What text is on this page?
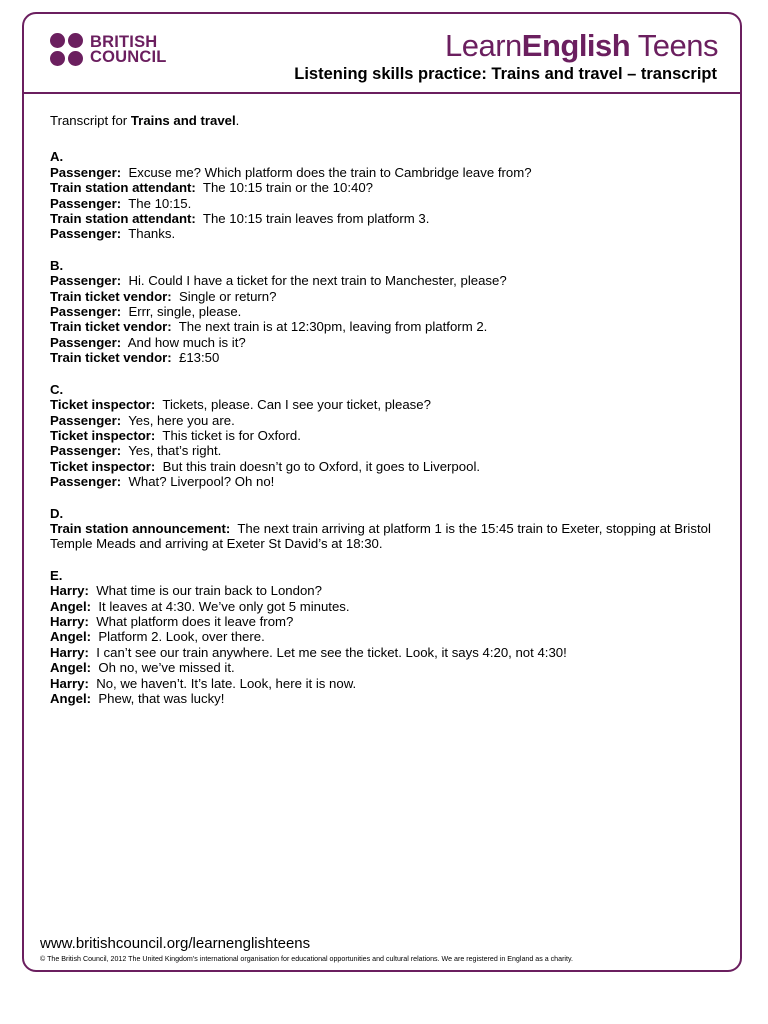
BRITISH
COUNCIL	LearnEnglish Teens
Listening skills practice: Trains and travel – transcript

Transcript for Trains and travel.

A.
Passenger: Excuse me? Which platform does the train to Cambridge leave from?
Train station attendant: The 10:15 train or the 10:40?
Passenger: The 10:15.
Train station attendant: The 10:15 train leaves from platform 3.
Passenger: Thanks.
B.
Passenger: Hi. Could I have a ticket for the next train to Manchester, please?
Train ticket vendor: Single or return?
Passenger: Errr, single, please.
Train ticket vendor: The next train is at 12:30pm, leaving from platform 2.
Passenger: And how much is it?
Train ticket vendor: £13:50
C.
Ticket inspector: Tickets, please. Can I see your ticket, please?
Passenger: Yes, here you are.
Ticket inspector: This ticket is for Oxford.
Passenger: Yes, that’s right.
Ticket inspector: But this train doesn’t go to Oxford, it goes to Liverpool.
Passenger: What? Liverpool? Oh no!
D.
Train station announcement: The next train arriving at platform 1 is the 15:45 train to Exeter, stopping at Bristol Temple Meads and arriving at Exeter St David’s at 18:30.
E.
Harry: What time is our train back to London?
Angel: It leaves at 4:30. We’ve only got 5 minutes.
Harry: What platform does it leave from?
Angel: Platform 2. Look, over there.
Harry: I can’t see our train anywhere. Let me see the ticket. Look, it says 4:20, not 4:30!
Angel: Oh no, we’ve missed it.
Harry: No, we haven’t. It’s late. Look, here it is now.
Angel: Phew, that was lucky!
www.britishcouncil.org/learnenglishteens
© The British Council, 2012 The United Kingdom’s international organisation for educational opportunities and cultural relations. We are registered in England as a charity.
